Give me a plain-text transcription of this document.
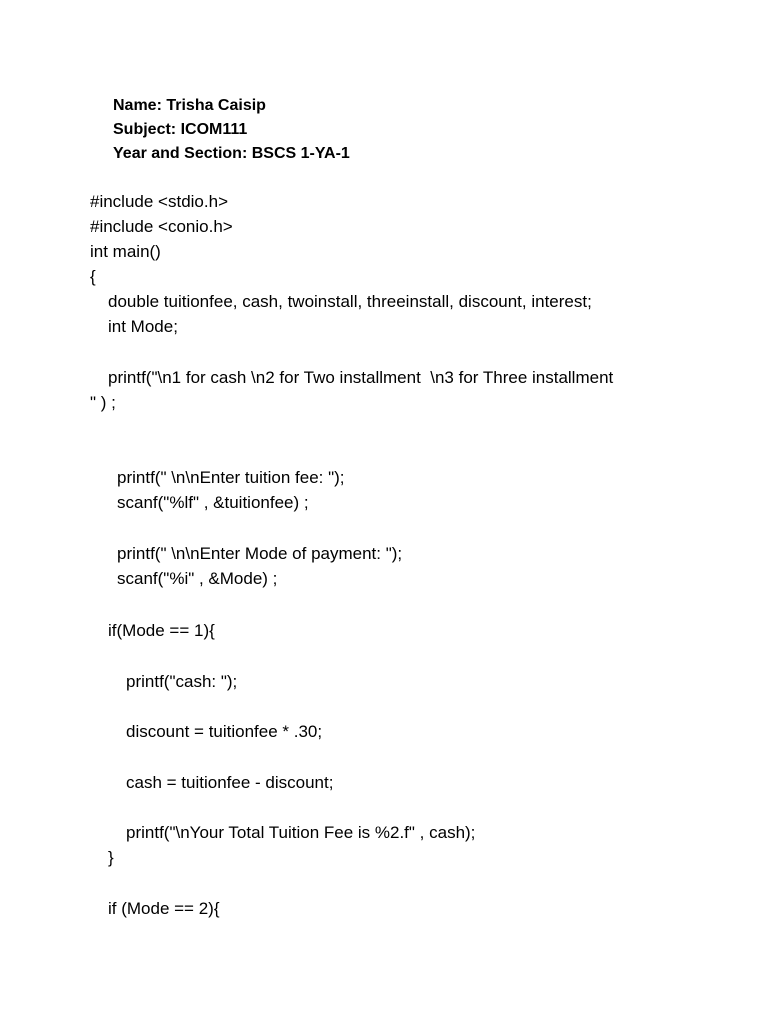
Name: Trisha Caisip
Subject: ICOM111
Year and Section: BSCS 1-YA-1
#include <stdio.h>
#include <conio.h>
int main()
{
double tuitionfee, cash, twoinstall, threeinstall, discount, interest;
int Mode;
printf("\n1 for cash \n2 for Two installment  \n3 for Three installment
" ) ;
printf(" \n\nEnter tuition fee: ");
scanf("%lf" , &tuitionfee) ;
printf(" \n\nEnter Mode of payment: ");
scanf("%i" , &Mode) ;
if(Mode == 1){
printf("cash: ");
discount = tuitionfee * .30;
cash = tuitionfee - discount;
printf("\nYour Total Tuition Fee is %2.f" , cash);
}
if (Mode == 2){
